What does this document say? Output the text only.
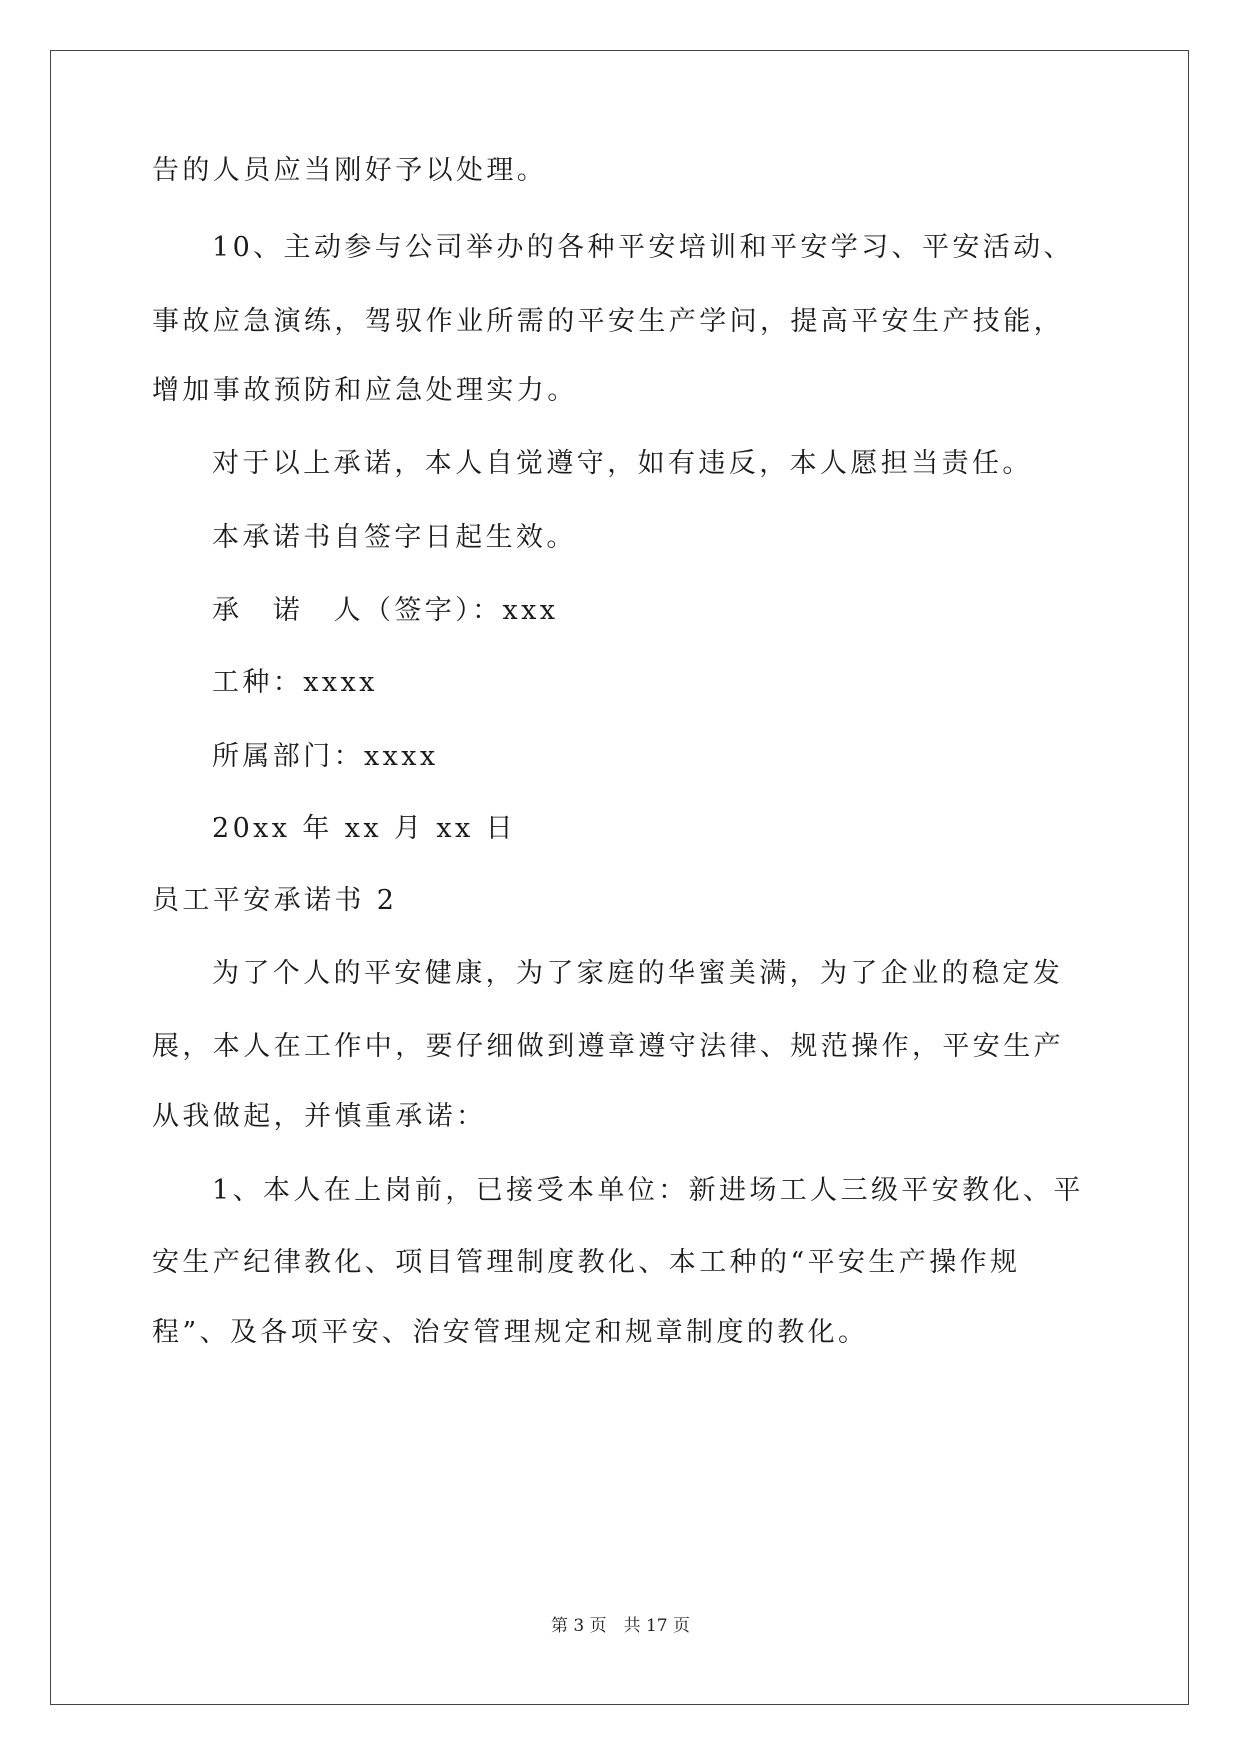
告的人员应当刚好予以处理。
10、主动参与公司举办的各种平安培训和平安学习、平安活动、
事故应急演练，驾驭作业所需的平安生产学问，提高平安生产技能，
增加事故预防和应急处理实力。
对于以上承诺，本人自觉遵守，如有违反，本人愿担当责任。
本承诺书自签字日起生效。
承　诺　人（签字）：xxx
工种：xxxx
所属部门：xxxx
20xx 年 xx 月 xx 日
员工平安承诺书 2
为了个人的平安健康，为了家庭的华蜜美满，为了企业的稳定发
展，本人在工作中，要仔细做到遵章遵守法律、规范操作，平安生产
从我做起，并慎重承诺：
1、本人在上岗前，已接受本单位：新进场工人三级平安教化、平
安生产纪律教化、项目管理制度教化、本工种的“平安生产操作规
程”、及各项平安、治安管理规定和规章制度的教化。
第 3 页　共 17 页
